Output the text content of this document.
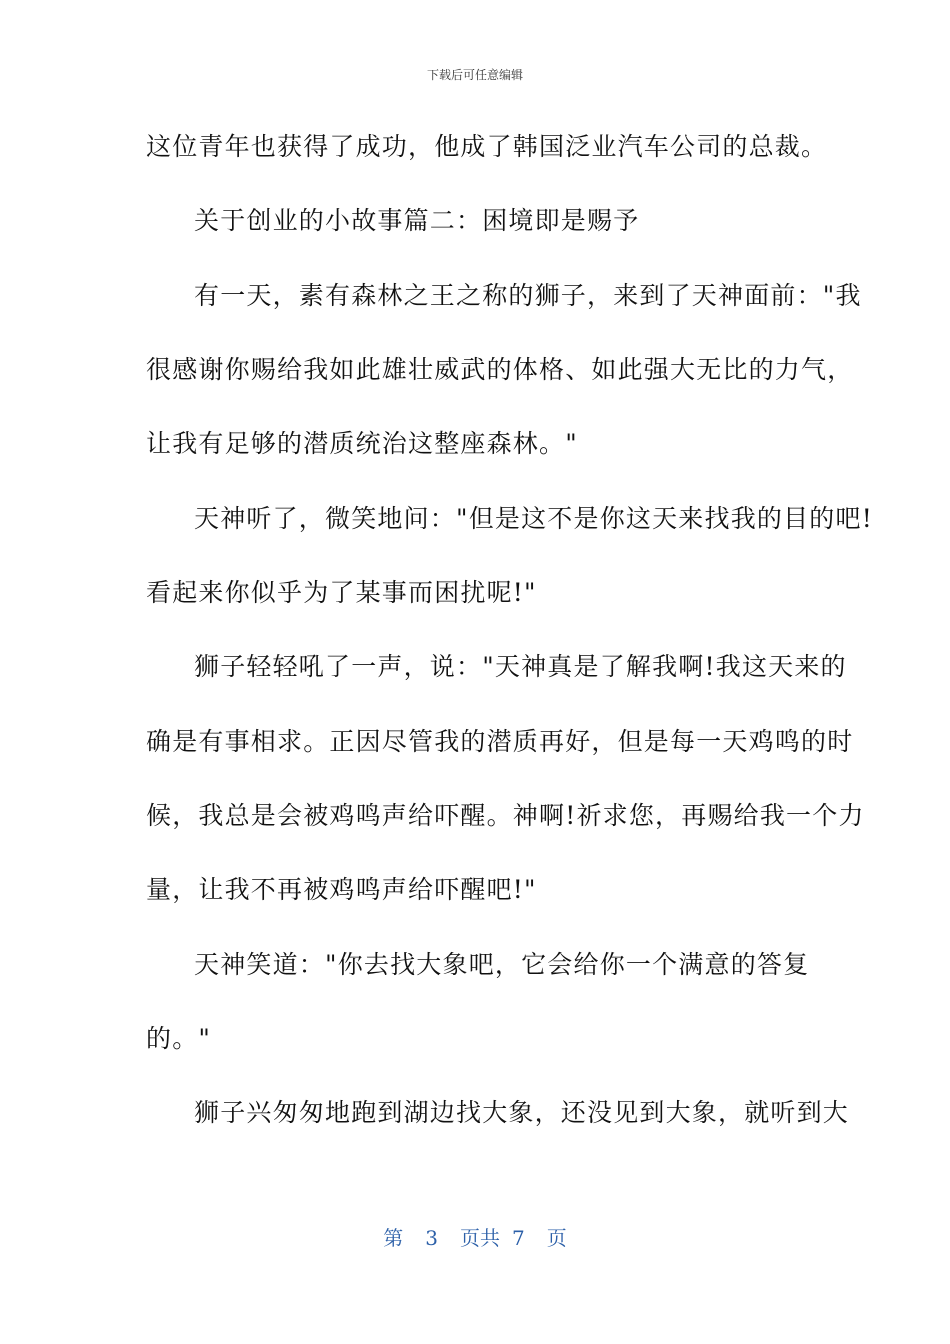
下载后可任意编辑
这位青年也获得了成功，他成了韩国泛业汽车公司的总裁。
关于创业的小故事篇二：困境即是赐予
有一天，素有森林之王之称的狮子，来到了天神面前："我
很感谢你赐给我如此雄壮威武的体格、如此强大无比的力气，
让我有足够的潜质统治这整座森林。"
天神听了，微笑地问："但是这不是你这天来找我的目的吧!
看起来你似乎为了某事而困扰呢!"
狮子轻轻吼了一声，说："天神真是了解我啊!我这天来的
确是有事相求。正因尽管我的潜质再好，但是每一天鸡鸣的时
候，我总是会被鸡鸣声给吓醒。神啊!祈求您，再赐给我一个力
量，让我不再被鸡鸣声给吓醒吧!"
天神笑道："你去找大象吧，它会给你一个满意的答复
的。"
狮子兴匆匆地跑到湖边找大象，还没见到大象，就听到大
第 3 页共 7 页
